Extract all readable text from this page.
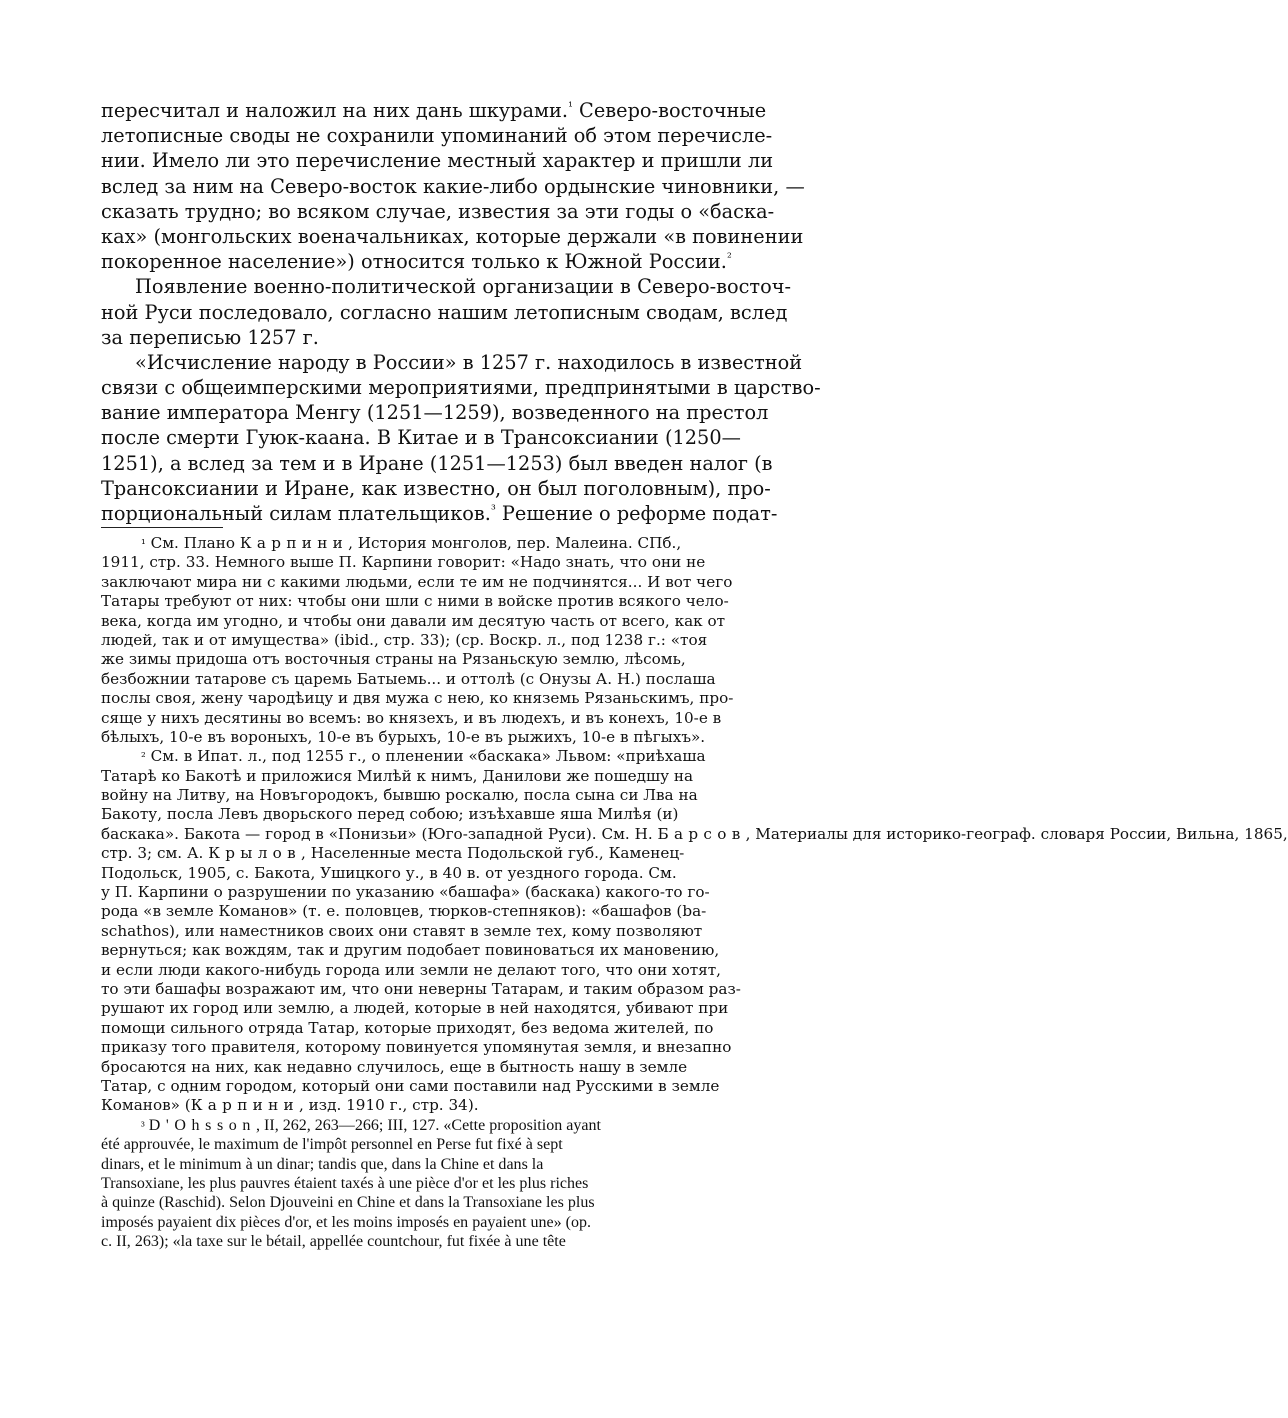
пересчитал и наложил на них дань шкурами.$^{^1}$ Северо-восточные
летописные своды не сохранили упоминаний об этом перечисле-
нии. Имело ли это перечисление местный характер и пришли ли
вслед за ним на Северо-восток какие-либо ордынские чиновники, —
сказать трудно; во всяком случае, известия за эти годы о «баска-
ках» (монгольских военачальниках, которые держали «в повинении
покоренное население») относится только к Южной России.$^{^2}$
Появление военно-политической организации в Северо-восточ-
ной Руси последовало, согласно нашим летописным сводам, вслед
за переписью 1257 г.
«Исчисление народу в России» в 1257 г. находилось в известной
связи с общеимперскими мероприятиями, предпринятыми в царство-
вание императора Менгу (1251—1259), возведенного на престол
после смерти Гуюк-каана. В Китае и в Трансоксиании (1250—
1251), а вслед за тем и в Иране (1251—1253) был введен налог (в
Трансоксиании и Иране, как известно, он был поголовным), про-
порциональный силам плательщиков.$^{^3}$ Решение о реформе подат-
¹ См. Плано Карпини, История монголов, пер. Малеина. СПб.,
1911, стр. 33. Немного выше П. Карпини говорит: «Надо знать, что они не
заключают мира ни с какими людьми, если те им не подчинятся... И вот чего
Татары требуют от них: чтобы они шли с ними в войске против всякого чело-
века, когда им угодно, и чтобы они давали им десятую часть от всего, как от
людей, так и от имущества» (ibid., стр. 33); (ср. Воскр. л., под 1238 г.: «тоя
же зимы придоша отъ восточныя страны на Рязаньскую землю, лѣсомь,
безбожнии татарове съ царемь Батыемь... и оттолѣ (с Онузы А. Н.) послаша
послы своя, жену чародѣицу и двя мужа с нею, ко княземь Рязаньскимъ, про-
сяще у нихъ десятины во всемъ: во князехъ, и въ людехъ, и въ конехъ, 10-е в
бѣлыхъ, 10-е въ вороныхъ, 10-е въ бурыхъ, 10-е въ рыжихъ, 10-е в пѣгыхъ».
² См. в Ипат. л., под 1255 г., о пленении «баскака» Львом: «приѣхаша
Татарѣ ко Бакотѣ и приложися Милѣй к нимъ, Данилови же пошедшу на
войну на Литву, на Новъгородокъ, бывшю роскалю, посла сына си Лва на
Бакоту, посла Левъ дворьского перед собою; изъѣхавше яша Милѣя (и)
баскака». Бакота — город в «Понизьи» (Юго-западной Руси). См. Н. Барсов, Материалы для историко-географ. словаря России, Вильна, 1865,
стр. 3; см. А. Крылов, Населенные места Подольской губ., Каменец-
Подольск, 1905, с. Бакота, Ушицкого у., в 40 в. от уездного города. См.
у П. Карпини о разрушении по указанию «башафа» (баскака) какого-то го-
рода «в земле Команов» (т. е. половцев, тюрков-степняков): «башафов (ba-
schathos), или наместников своих они ставят в земле тех, кому позволяют
вернуться; как вождям, так и другим подобает повиноваться их мановению,
и если люди какого-нибудь города или земли не делают того, что они хотят,
то эти башафы возражают им, что они неверны Татарам, и таким образом раз-
рушают их город или землю, а людей, которые в ней находятся, убивают при
помощи сильного отряда Татар, которые приходят, без ведома жителей, по
приказу того правителя, которому повинуется упомянутая земля, и внезапно
бросаются на них, как недавно случилось, еще в бытность нашу в земле
Татар, с одним городом, который они сами поставили над Русскими в земле
Команов» (Карпини, изд. 1910 г., стр. 34).
³ D'Ohsson, II, 262, 263—266; III, 127. «Cette proposition ayant
été approuvée, le maximum de l'impôt personnel en Perse fut fixé à sept
dinars, et le minimum à un dinar; tandis que, dans la Chine et dans la
Transoxiane, les plus pauvres étaient taxés à une pièce d'or et les plus riches
à quinze (Raschid). Selon Djouveini en Chine et dans la Transoxiane les plus
imposés payaient dix pièces d'or, et les moins imposés en payaient une» (op.
c. II, 263); «la taxe sur le bétail, appellée countchour, fut fixée à une tête
